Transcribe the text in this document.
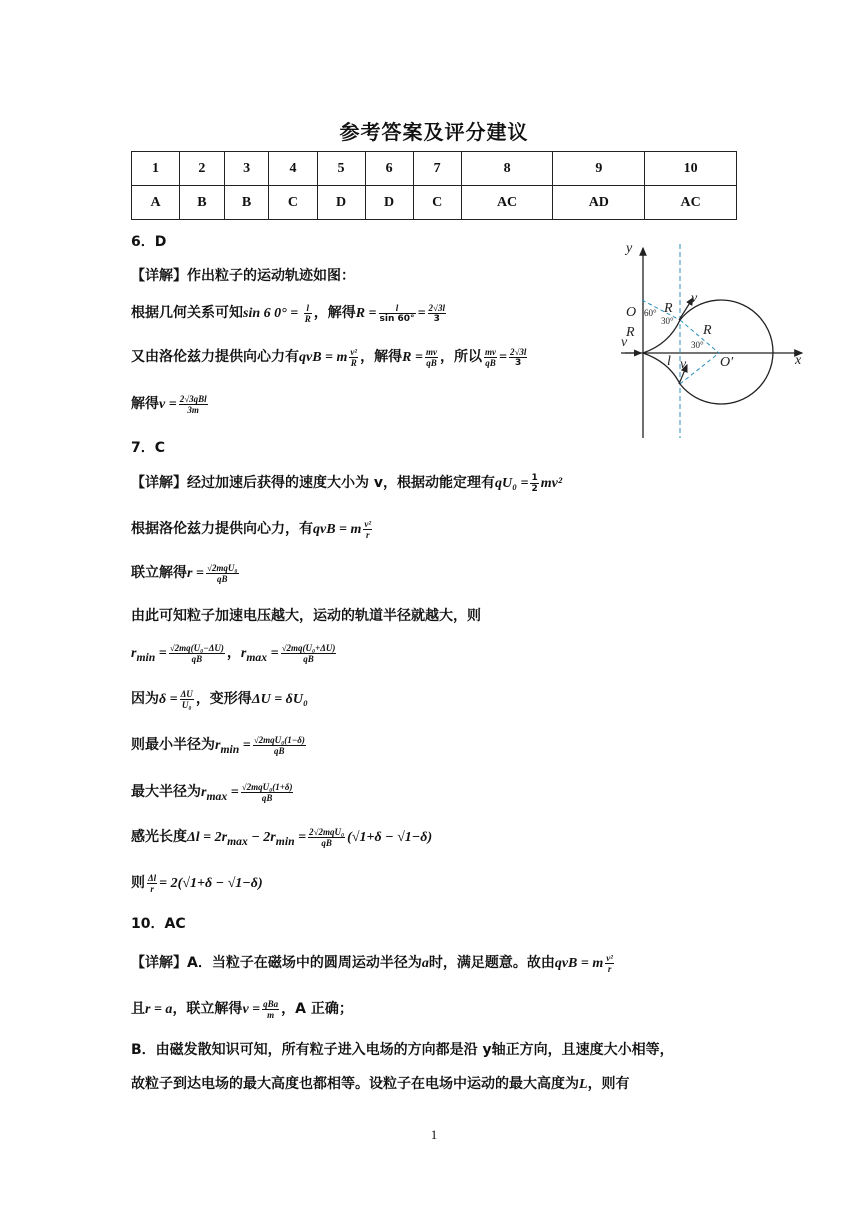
参考答案及评分建议
1	2	3	4	5	6	7	8	9	10
A	B	B	C	D	D	C	AC	AD	AC
6．D
【详解】作出粒子的运动轨迹如图：
根据几何关系可知sin 6 $0^\circ = \frac{l}{R}$ ，解得$R = \frac{l}{\sin 60^\circ} = \frac{2√3l}{3}$
又由洛伦兹力提供向心力有qvB = m $\frac{\text{v²}}{R}$ ，解得$R = \frac{mv}{qB}$ ，所以 $\frac{mv}{qB} = \frac{2√3l}{3}$
解得v = 2√3qBl
3m
y
x
O
O′
R
R	R
v
v
v
l
60°
30°
30°
7．C
【详解】经过加速后获得的速度大小为 v，根据动能定理有$qU_0 = \frac{1}{2} mv^2$
根据洛伦兹力提供向心力，有qvB = m $\frac{\text{v²}}{r}$
联立解得r = √2mqU₀
qB
由此可知粒子加速电压越大，运动的轨道半径就越大，则
$r_{min} = \frac{\text{√2mq(U₀−ΔU)}}{qB}$ ，$r_{max} = \frac{\text{√2mq(U₀+ΔU)}}{qB}$
因为$\delta = \frac{\Delta U}{\text{U₀}}$ ，变形得ΔU = δU₀
则最小半径为$r_{min} = √2mqU_0(1-\delta)$
qB
最大半径为$r_{max} = √2mqU_0(1+\delta)$
qB
感光长度$\Delta l = 2r_{max} - 2r_{min} = 2√2mqU_0$
qB	(√1+δ − √1−δ)
则 $\frac{\Delta l}{r} = 2(√1+\delta - √1-\delta)$
10．AC
【详解】A．当粒子在磁场中的圆周运动半径为a时，满足题意。故由qvB = m $\frac{\text{v²}}{r}$
且r = a，联立解得v = qBa
m ，A 正确；
B．由磁发散知识可知，所有粒子进入电场的方向都是沿 y轴正方向，且速度大小相等，
故粒子到达电场的最大高度也都相等。设粒子在电场中运动的最大高度为L，则有
1
